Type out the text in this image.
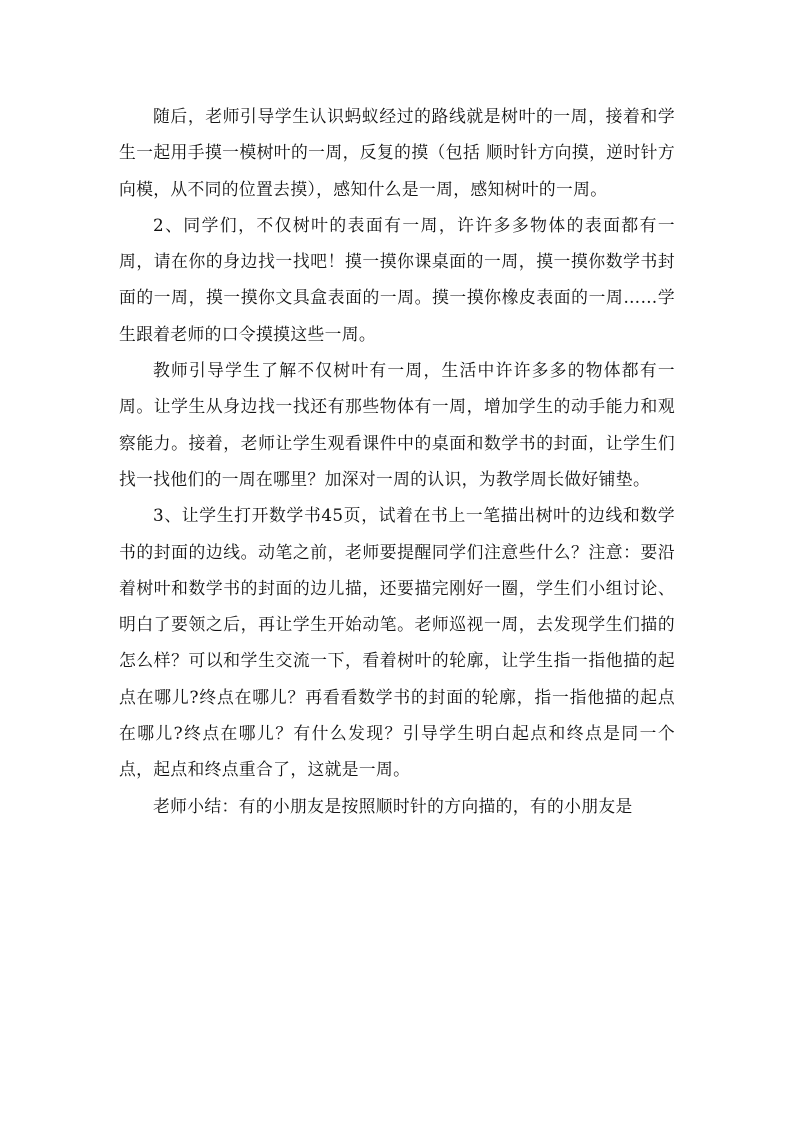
随后，老师引导学生认识蚂蚁经过的路线就是树叶的一周，接着和学生一起用手摸一模树叶的一周，反复的摸（包括 顺时针方向摸，逆时针方向模，从不同的位置去摸），感知什么是一周，感知树叶的一周。

2、同学们，不仅树叶的表面有一周，许许多多物体的表面都有一周，请在你的身边找一找吧！摸一摸你课桌面的一周，摸一摸你数学书封面的一周，摸一摸你文具盒表面的一周。摸一摸你橡皮表面的一周……学生跟着老师的口令摸摸这些一周。

教师引导学生了解不仅树叶有一周，生活中许许多多的物体都有一周。让学生从身边找一找还有那些物体有一周，增加学生的动手能力和观察能力。接着，老师让学生观看课件中的桌面和数学书的封面，让学生们找一找他们的一周在哪里？加深对一周的认识，为教学周长做好铺垫。

3、让学生打开数学书45页，试着在书上一笔描出树叶的边线和数学书的封面的边线。动笔之前，老师要提醒同学们注意些什么？注意：要沿着树叶和数学书的封面的边儿描，还要描完刚好一圈，学生们小组讨论、明白了要领之后，再让学生开始动笔。老师巡视一周，去发现学生们描的怎么样？可以和学生交流一下，看着树叶的轮廓，让学生指一指他描的起点在哪儿?终点在哪儿？再看看数学书的封面的轮廓，指一指他描的起点在哪儿?终点在哪儿？有什么发现？引导学生明白起点和终点是同一个点，起点和终点重合了，这就是一周。

老师小结：有的小朋友是按照顺时针的方向描的，有的小朋友是
